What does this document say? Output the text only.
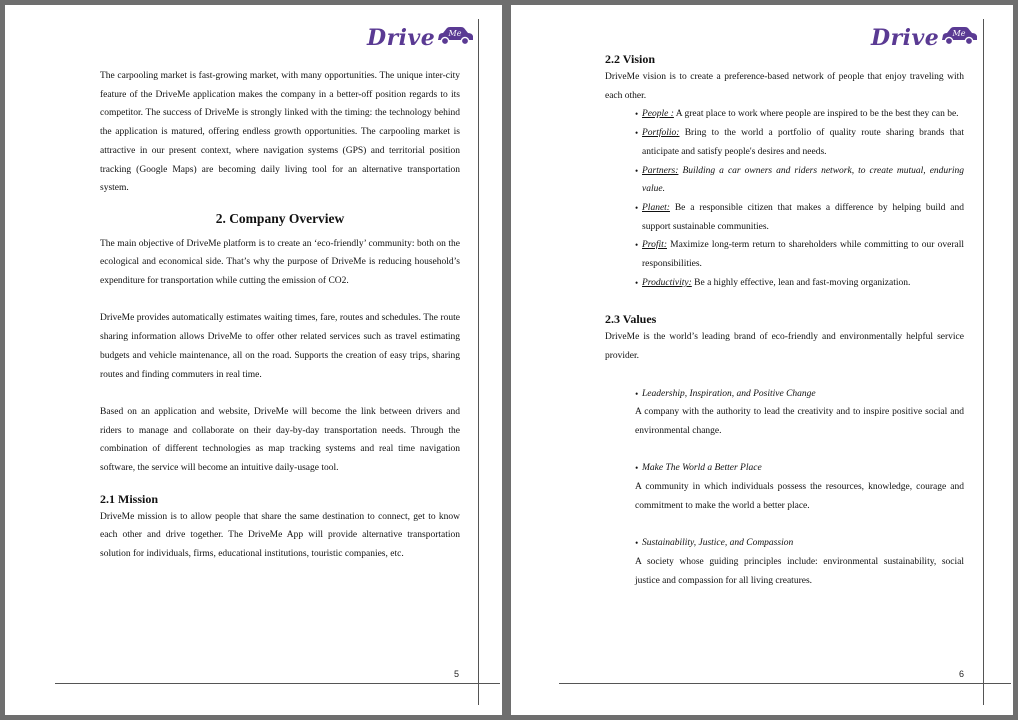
Drive Me

The carpooling market is fast-growing market, with many opportunities. The unique inter-city feature of the DriveMe application makes the company in a better-off position regards to its competitor. The success of DriveMe is strongly linked with the timing: the technology behind the application is matured, offering endless growth opportunities. The carpooling market is attractive in our present context, where navigation systems (GPS) and territorial position tracking (Google Maps) are becoming daily living tool for an alternative transportation system.

2. Company Overview

The main objective of DriveMe platform is to create an ‘eco-friendly’ community: both on the ecological and economical side. That’s why the purpose of DriveMe is reducing household’s expenditure for transportation while cutting the emission of CO2.

DriveMe provides automatically estimates waiting times, fare, routes and schedules. The route sharing information allows DriveMe to offer other related services such as travel estimating budgets and vehicle maintenance, all on the road. Supports the creation of easy trips, sharing routes and finding commuters in real time.

Based on an application and website, DriveMe will become the link between drivers and riders to manage and collaborate on their day-by-day transportation needs. Through the combination of different technologies as map tracking systems and real time navigation software, the service will become an intuitive daily-usage tool.

2.1 Mission

DriveMe mission is to allow people that share the same destination to connect, get to know each other and drive together. The DriveMe App will provide alternative transportation solution for individuals, firms, educational institutions, touristic companies, etc.

5
Drive Me
2.2 Vision

DriveMe vision is to create a preference-based network of people that enjoy traveling with each other.

• People : A great place to work where people are inspired to be the best they can be.
• Portfolio: Bring to the world a portfolio of quality route sharing brands that anticipate and satisfy people's desires and needs.
• Partners: Building a car owners and riders network, to create mutual, enduring value.
• Planet: Be a responsible citizen that makes a difference by helping build and support sustainable communities.
• Profit: Maximize long-term return to shareholders while committing to our overall responsibilities.
• Productivity: Be a highly effective, lean and fast-moving organization.
2.3 Values

DriveMe is the world’s leading brand of eco-friendly and environmentally helpful service provider.

• Leadership, Inspiration, and Positive Change

A company with the authority to lead the creativity and to inspire positive social and environmental change.

• Make The World a Better Place

A community in which individuals possess the resources, knowledge, courage and commitment to make the world a better place.

• Sustainability, Justice, and Compassion

A society whose guiding principles include: environmental sustainability, social justice and compassion for all living creatures.

6
